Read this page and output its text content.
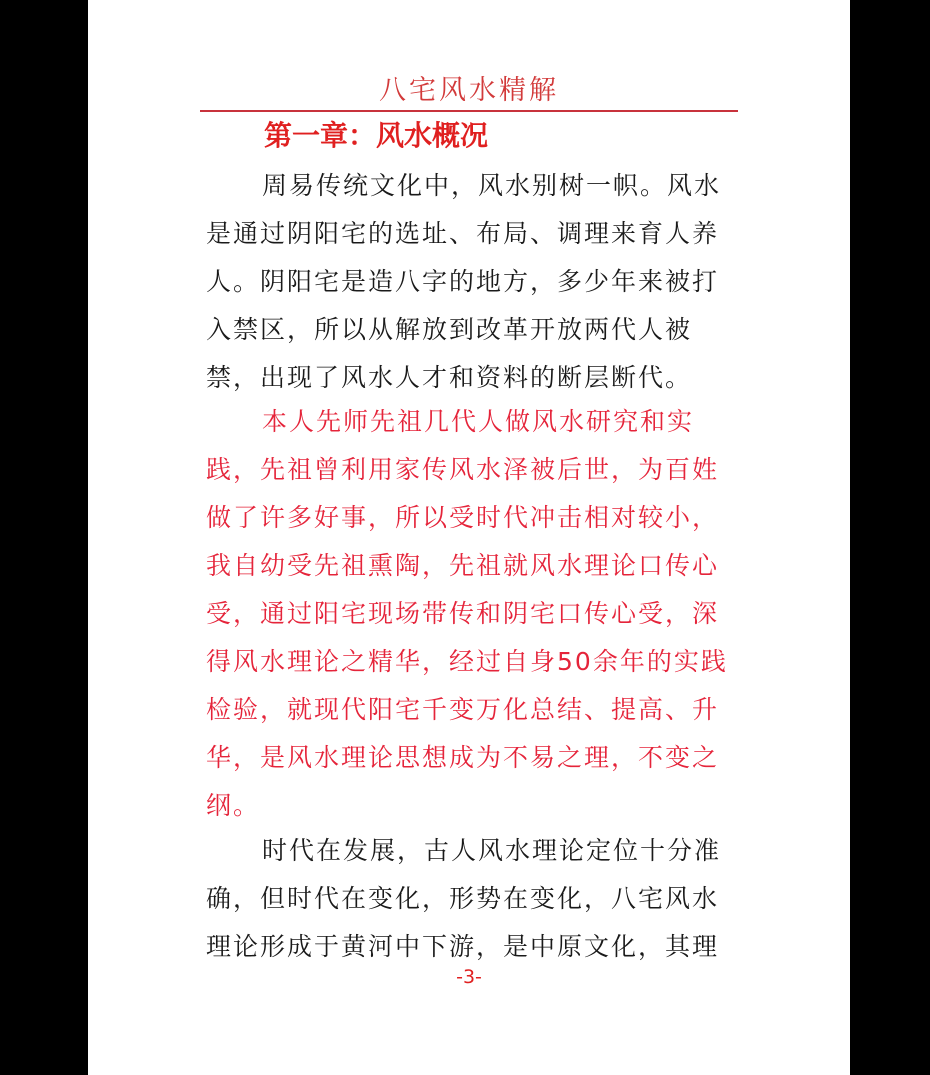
八宅风水精解
第一章：风水概况

周易传统文化中，风水别树一帜。风水是通过阴阳宅的选址、布局、调理来育人养人。阴阳宅是造八字的地方，多少年来被打入禁区，所以从解放到改革开放两代人被禁，出现了风水人才和资料的断层断代。

本人先师先祖几代人做风水研究和实践，先祖曾利用家传风水泽被后世，为百姓做了许多好事，所以受时代冲击相对较小，我自幼受先祖熏陶，先祖就风水理论口传心受，通过阳宅现场带传和阴宅口传心受，深得风水理论之精华，经过自身50余年的实践检验，就现代阳宅千变万化总结、提高、升华，是风水理论思想成为不易之理，不变之纲。

时代在发展，古人风水理论定位十分准确，但时代在变化，形势在变化，八宅风水理论形成于黄河中下游，是中原文化，其理

-3-
